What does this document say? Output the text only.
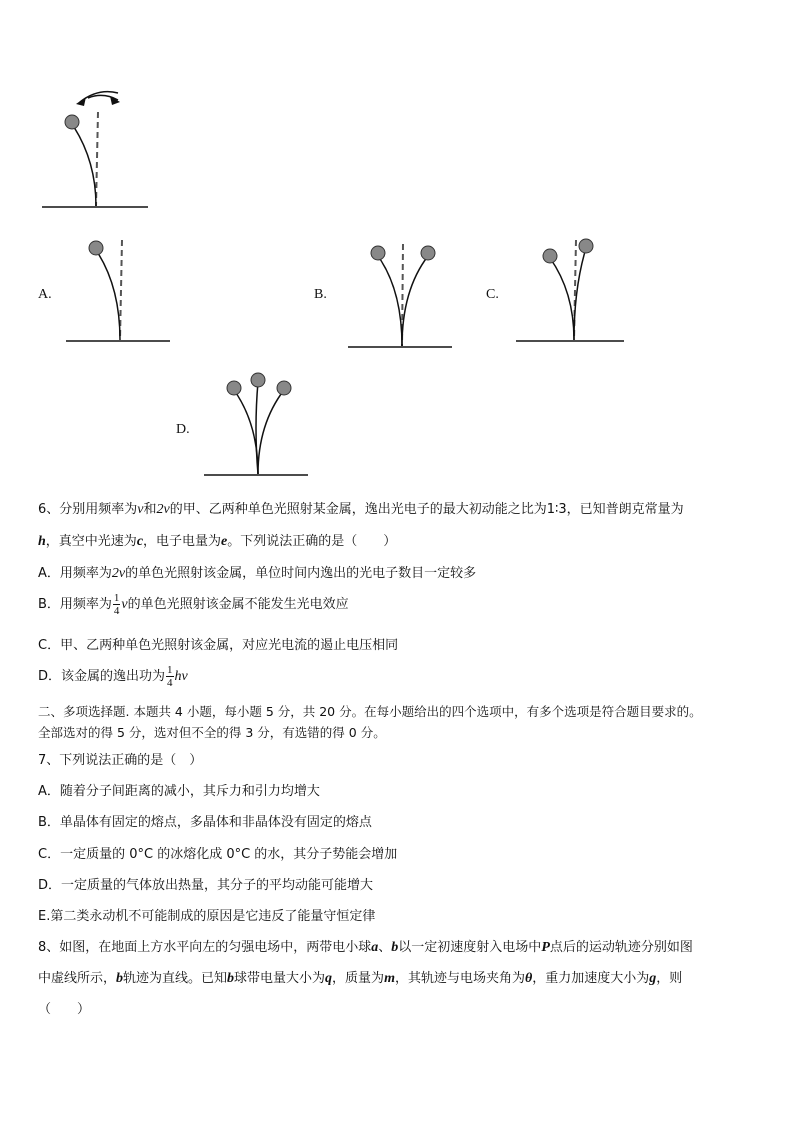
A.	B.	C.
D.
6、分别用频率为ν和2ν的甲、乙两种单色光照射某金属，逸出光电子的最大初动能之比为1∶3，已知普朗克常量为
h，真空中光速为c，电子电量为e。下列说法正确的是（　　）
A．用频率为2ν的单色光照射该金属，单位时间内逸出的光电子数目一定较多
B．用频率为 $\frac{1}{4}$ ν的单色光照射该金属不能发生光电效应
C．甲、乙两种单色光照射该金属，对应光电流的遏止电压相同
D．该金属的逸出功为 $\frac{1}{4}$ hν
二、多项选择题. 本题共 4 小题，每小题 5 分，共 20 分。在每小题给出的四个选项中，有多个选项是符合题目要求的。
全部选对的得 5 分，选对但不全的得 3 分，有选错的得 0 分。
7、下列说法正确的是（　）
A．随着分子间距离的减小，其斥力和引力均增大
B．单晶体有固定的熔点，多晶体和非晶体没有固定的熔点
C．一定质量的 0°C 的冰熔化成 0°C 的水，其分子势能会增加
D．一定质量的气体放出热量，其分子的平均动能可能增大
E.第二类永动机不可能制成的原因是它违反了能量守恒定律
8、如图，在地面上方水平向左的匀强电场中，两带电小球a、b以一定初速度射入电场中P点后的运动轨迹分别如图
中虚线所示，b轨迹为直线。已知b球带电量大小为q，质量为m，其轨迹与电场夹角为θ，重力加速度大小为g，则
（　　）
